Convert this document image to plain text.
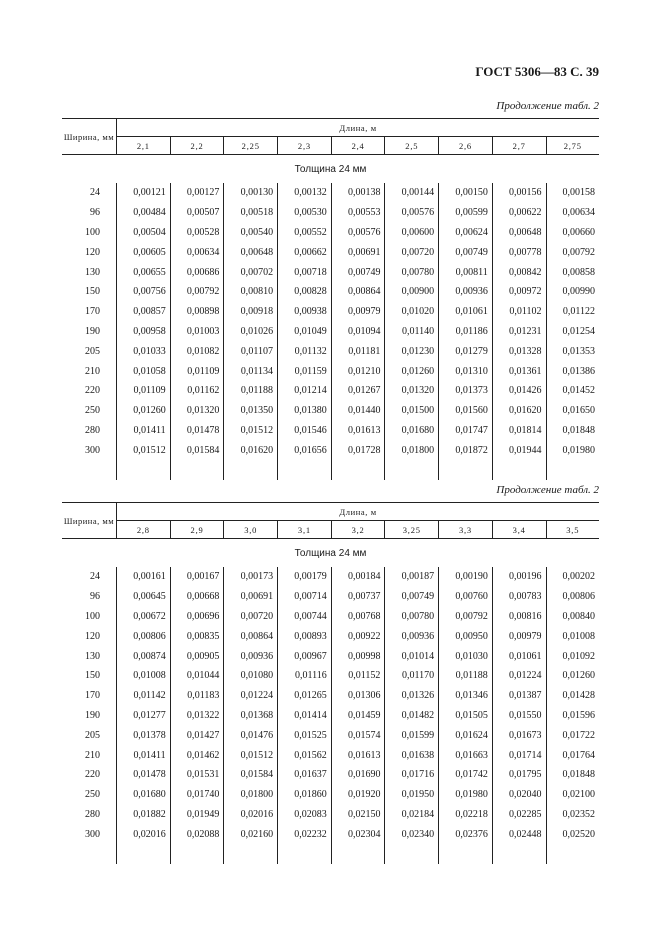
ГОСТ 5306—83 С. 39
Продолжение табл. 2
Ширина, мм	Длина, м								
	2,1	2,2	2,25	2,3	2,4	2,5	2,6	2,7	2,75
Толщина 24 мм									
24	0,00121	0,00127	0,00130	0,00132	0,00138	0,00144	0,00150	0,00156	0,00158
96	0,00484	0,00507	0,00518	0,00530	0,00553	0,00576	0,00599	0,00622	0,00634
100	0,00504	0,00528	0,00540	0,00552	0,00576	0,00600	0,00624	0,00648	0,00660
120	0,00605	0,00634	0,00648	0,00662	0,00691	0,00720	0,00749	0,00778	0,00792
130	0,00655	0,00686	0,00702	0,00718	0,00749	0,00780	0,00811	0,00842	0,00858
150	0,00756	0,00792	0,00810	0,00828	0,00864	0,00900	0,00936	0,00972	0,00990
170	0,00857	0,00898	0,00918	0,00938	0,00979	0,01020	0,01061	0,01102	0,01122
190	0,00958	0,01003	0,01026	0,01049	0,01094	0,01140	0,01186	0,01231	0,01254
205	0,01033	0,01082	0,01107	0,01132	0,01181	0,01230	0,01279	0,01328	0,01353
210	0,01058	0,01109	0,01134	0,01159	0,01210	0,01260	0,01310	0,01361	0,01386
220	0,01109	0,01162	0,01188	0,01214	0,01267	0,01320	0,01373	0,01426	0,01452
250	0,01260	0,01320	0,01350	0,01380	0,01440	0,01500	0,01560	0,01620	0,01650
280	0,01411	0,01478	0,01512	0,01546	0,01613	0,01680	0,01747	0,01814	0,01848
300	0,01512	0,01584	0,01620	0,01656	0,01728	0,01800	0,01872	0,01944	0,01980

Продолжение табл. 2
Ширина, мм	Длина, м								
	2,8	2,9	3,0	3,1	3,2	3,25	3,3	3,4	3,5
Толщина 24 мм									
24	0,00161	0,00167	0,00173	0,00179	0,00184	0,00187	0,00190	0,00196	0,00202
96	0,00645	0,00668	0,00691	0,00714	0,00737	0,00749	0,00760	0,00783	0,00806
100	0,00672	0,00696	0,00720	0,00744	0,00768	0,00780	0,00792	0,00816	0,00840
120	0,00806	0,00835	0,00864	0,00893	0,00922	0,00936	0,00950	0,00979	0,01008
130	0,00874	0,00905	0,00936	0,00967	0,00998	0,01014	0,01030	0,01061	0,01092
150	0,01008	0,01044	0,01080	0,01116	0,01152	0,01170	0,01188	0,01224	0,01260
170	0,01142	0,01183	0,01224	0,01265	0,01306	0,01326	0,01346	0,01387	0,01428
190	0,01277	0,01322	0,01368	0,01414	0,01459	0,01482	0,01505	0,01550	0,01596
205	0,01378	0,01427	0,01476	0,01525	0,01574	0,01599	0,01624	0,01673	0,01722
210	0,01411	0,01462	0,01512	0,01562	0,01613	0,01638	0,01663	0,01714	0,01764
220	0,01478	0,01531	0,01584	0,01637	0,01690	0,01716	0,01742	0,01795	0,01848
250	0,01680	0,01740	0,01800	0,01860	0,01920	0,01950	0,01980	0,02040	0,02100
280	0,01882	0,01949	0,02016	0,02083	0,02150	0,02184	0,02218	0,02285	0,02352
300	0,02016	0,02088	0,02160	0,02232	0,02304	0,02340	0,02376	0,02448	0,02520
